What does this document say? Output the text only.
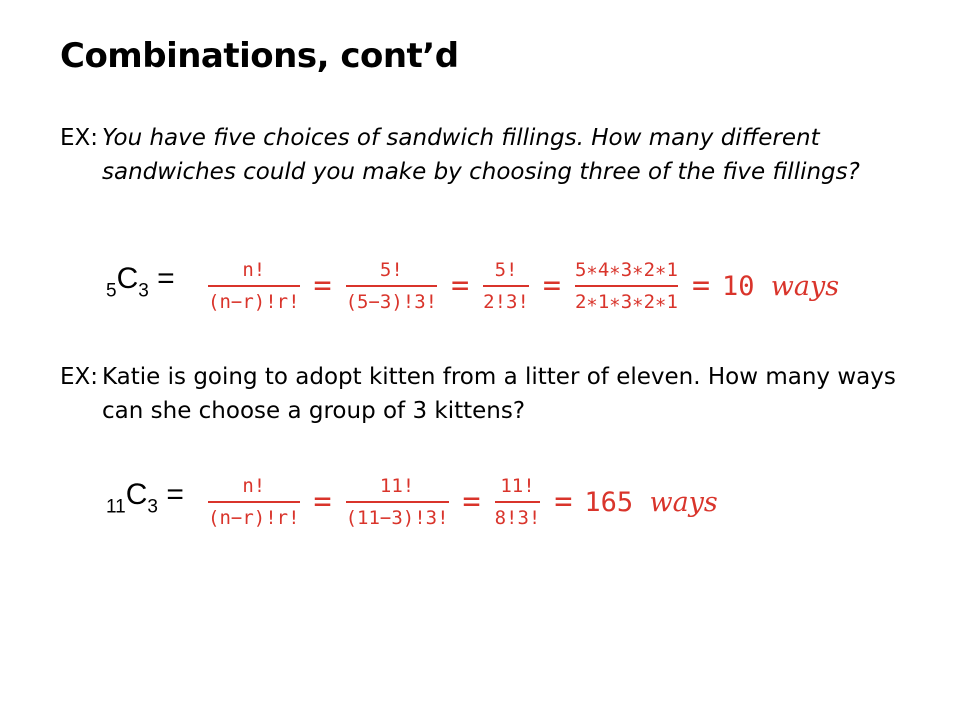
Combinations, cont’d
EX: You have five choices of sandwich fillings. How many different sandwiches could you make by choosing three of the five fillings?
$_5C_3 = \frac{n!}{(n-r)!r!} = \frac{5!}{(5-3)!3!} = \frac{5!}{2!3!} = \frac{5∗4∗3∗2∗1}{2∗1∗3∗2∗1} = 10$ ways
EX: Katie is going to adopt kitten from a litter of eleven. How many ways can she choose a group of 3 kittens?
$_{11}C_3 = \frac{n!}{(n-r)!r!} = \frac{11!}{(11-3)!3!} = \frac{11!}{8!3!} = 165$ ways
